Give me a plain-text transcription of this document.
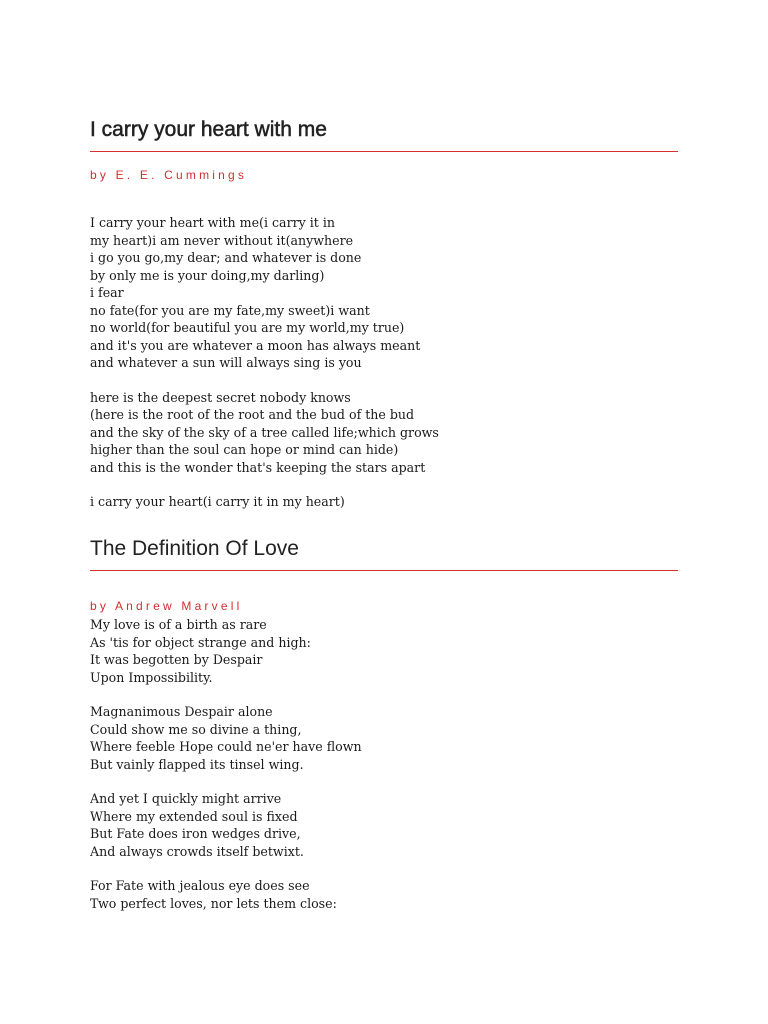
I carry your heart with me
by E. E. Cummings
I carry your heart with me(i carry it in
my heart)i am never without it(anywhere
i go you go,my dear; and whatever is done
by only me is your doing,my darling)
i fear
no fate(for you are my fate,my sweet)i want
no world(for beautiful you are my world,my true)
and it's you are whatever a moon has always meant
and whatever a sun will always sing is you
here is the deepest secret nobody knows
(here is the root of the root and the bud of the bud
and the sky of the sky of a tree called life;which grows
higher than the soul can hope or mind can hide)
and this is the wonder that's keeping the stars apart
i carry your heart(i carry it in my heart)
The Definition Of Love
by Andrew Marvell
My love is of a birth as rare
As 'tis for object strange and high:
It was begotten by Despair
Upon Impossibility.
Magnanimous Despair alone
Could show me so divine a thing,
Where feeble Hope could ne'er have flown
But vainly flapped its tinsel wing.
And yet I quickly might arrive
Where my extended soul is fixed
But Fate does iron wedges drive,
And always crowds itself betwixt.
For Fate with jealous eye does see
Two perfect loves, nor lets them close:
